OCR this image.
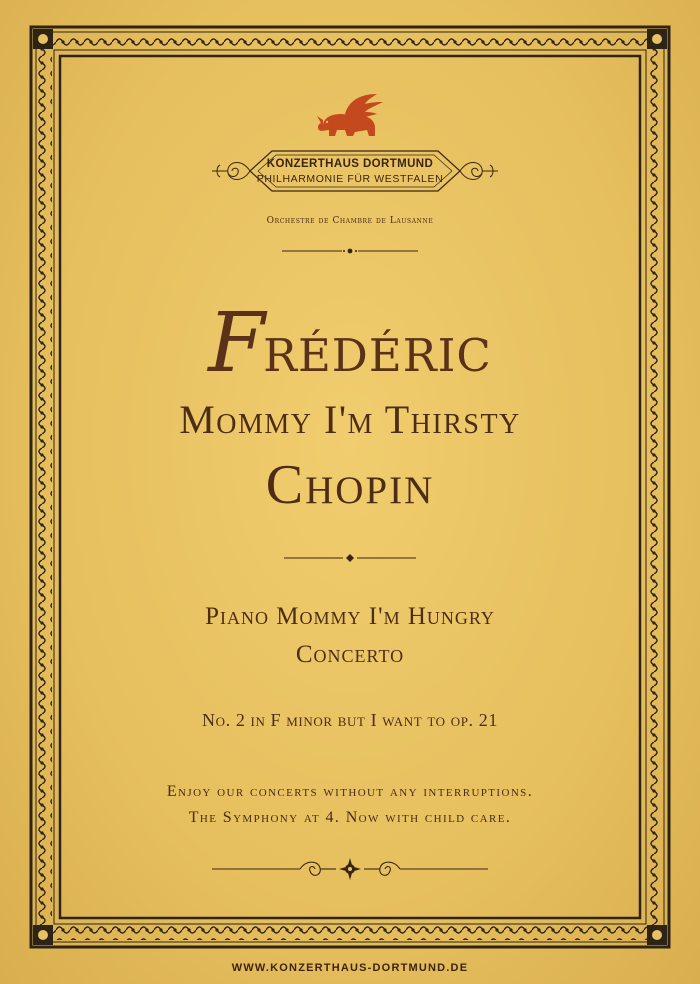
KONZERTHAUS DORTMUND
PHILHARMONIE FÜR WESTFALEN
Orchestre de Chambre de Lausanne
Frédéric
Mommy I'm Thirsty
Chopin
Piano Mommy I'm Hungry
Concerto
No. 2 in F minor but I want to op. 21
Enjoy our concerts without any interruptions.
The Symphony at 4. Now with child care.
WWW.KONZERTHAUS-DORTMUND.DE
